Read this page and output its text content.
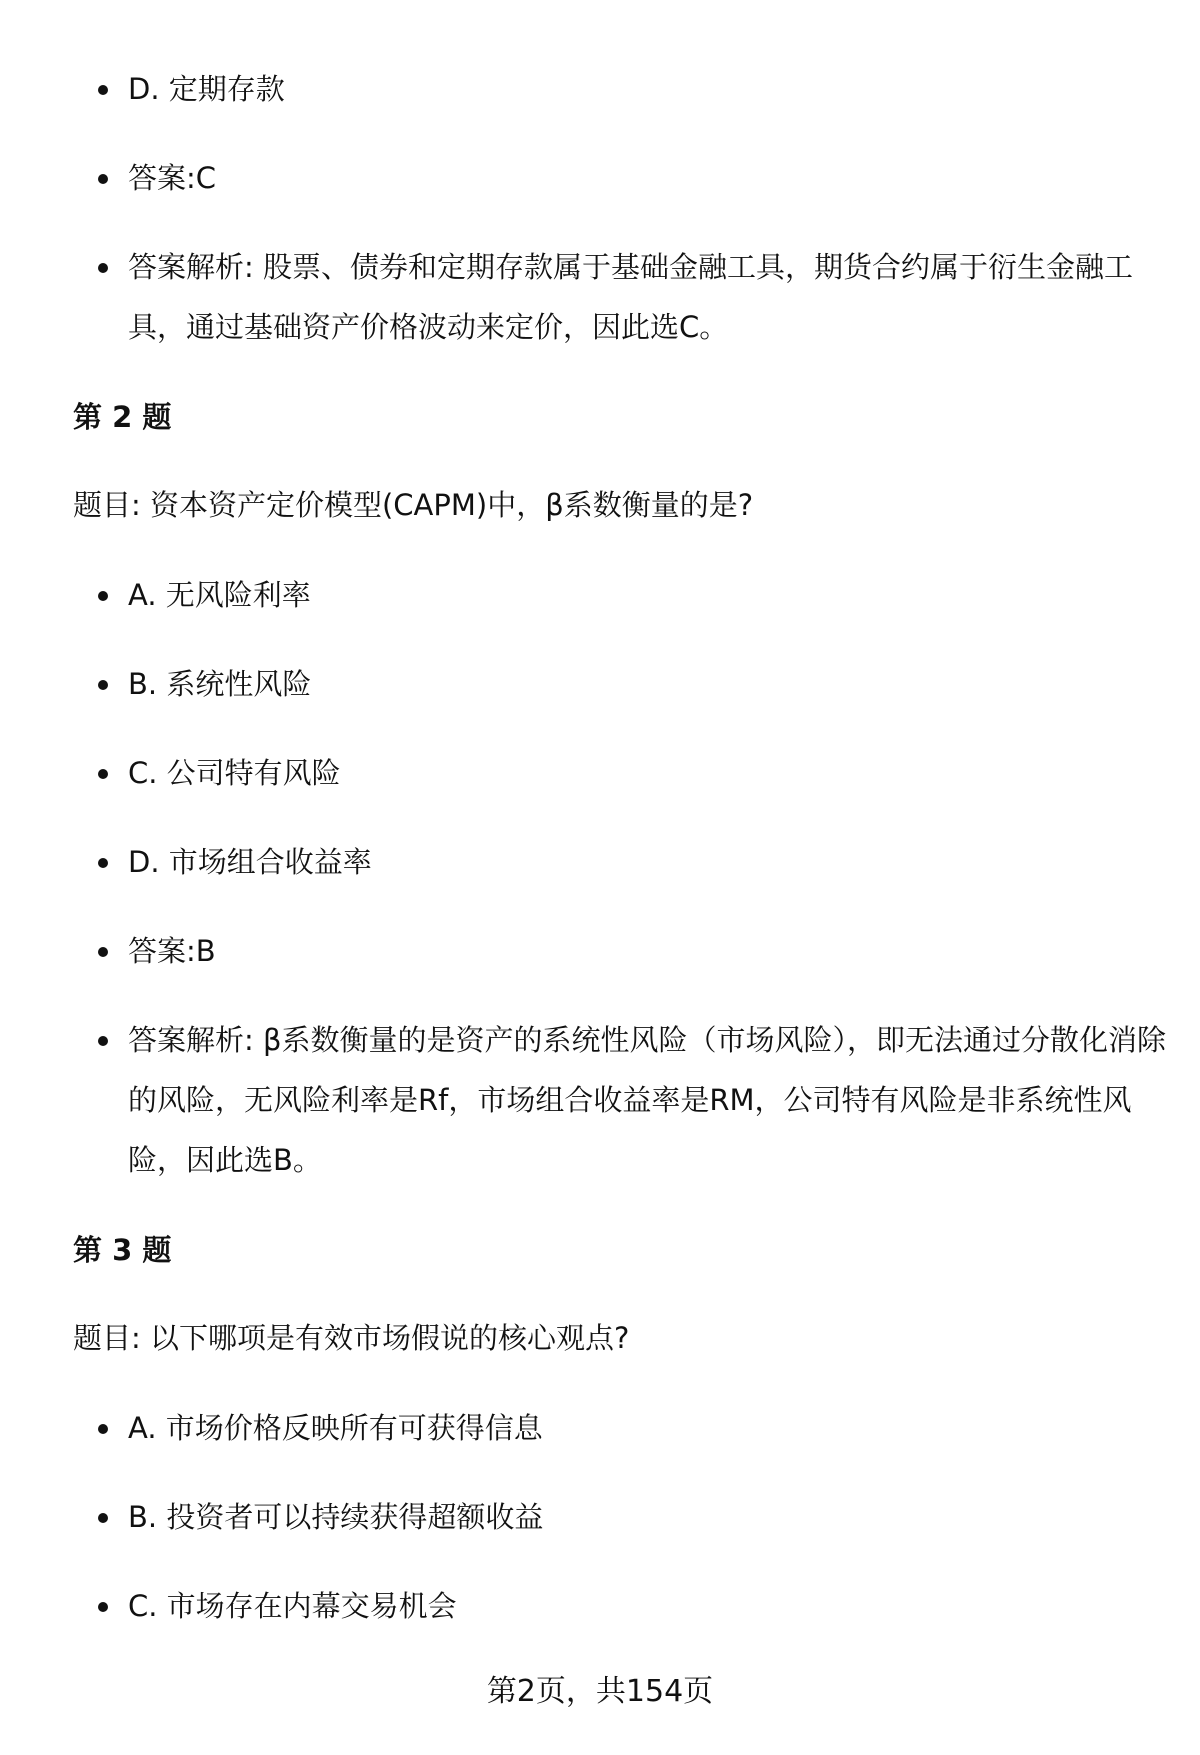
D. 定期存款
答案:C
答案解析: 股票、债券和定期存款属于基础金融工具，期货合约属于衍生金融工具，通过基础资产价格波动来定价，因此选C。
第 2 题
题目: 资本资产定价模型(CAPM)中，β系数衡量的是?
A. 无风险利率
B. 系统性风险
C. 公司特有风险
D. 市场组合收益率
答案:B
答案解析: β系数衡量的是资产的系统性风险（市场风险），即无法通过分散化消除的风险，无风险利率是Rf，市场组合收益率是RM，公司特有风险是非系统性风险，因此选B。
第 3 题
题目: 以下哪项是有效市场假说的核心观点?
A. 市场价格反映所有可获得信息
B. 投资者可以持续获得超额收益
C. 市场存在内幕交易机会
第2页，共154页
